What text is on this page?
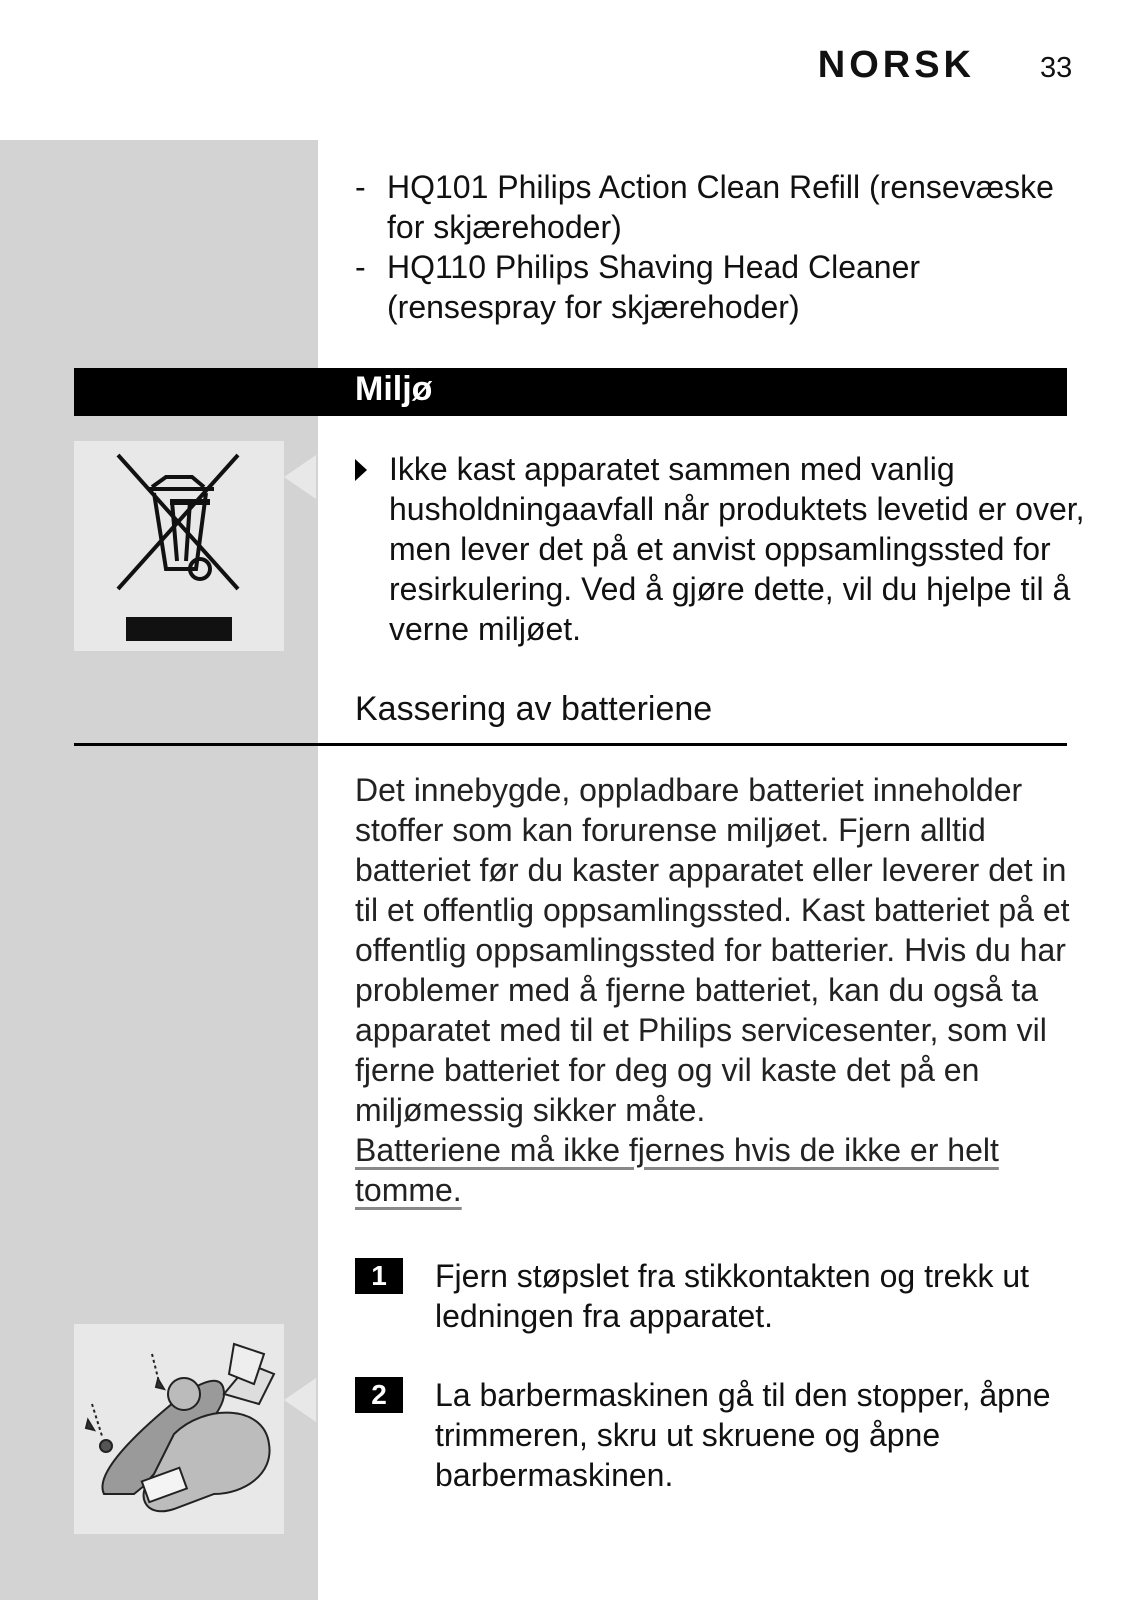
NORSK 33
- HQ101 Philips Action Clean Refill (rensevæske for skjærehoder)
- HQ110 Philips Shaving Head Cleaner (rensespray for skjærehoder)
Miljø
Ikke kast apparatet sammen med vanlig husholdningaavfall når produktets levetid er over, men lever det på et anvist oppsamlingssted for resirkulering. Ved å gjøre dette, vil du hjelpe til å verne miljøet.
Kassering av batteriene
Det innebygde, oppladbare batteriet inneholder stoffer som kan forurense miljøet. Fjern alltid batteriet før du kaster apparatet eller leverer det in til et offentlig oppsamlingssted. Kast batteriet på et offentlig oppsamlingssted for batterier. Hvis du har problemer med å fjerne batteriet, kan du også ta apparatet med til et Philips servicesenter, som vil fjerne batteriet for deg og vil kaste det på en miljømessig sikker måte.
Batteriene må ikke fjernes hvis de ikke er helt tomme.
1	Fjern støpslet fra stikkontakten og trekk ut ledningen fra apparatet.
2	La barbermaskinen gå til den stopper, åpne trimmeren, skru ut skruene og åpne barbermaskinen.
